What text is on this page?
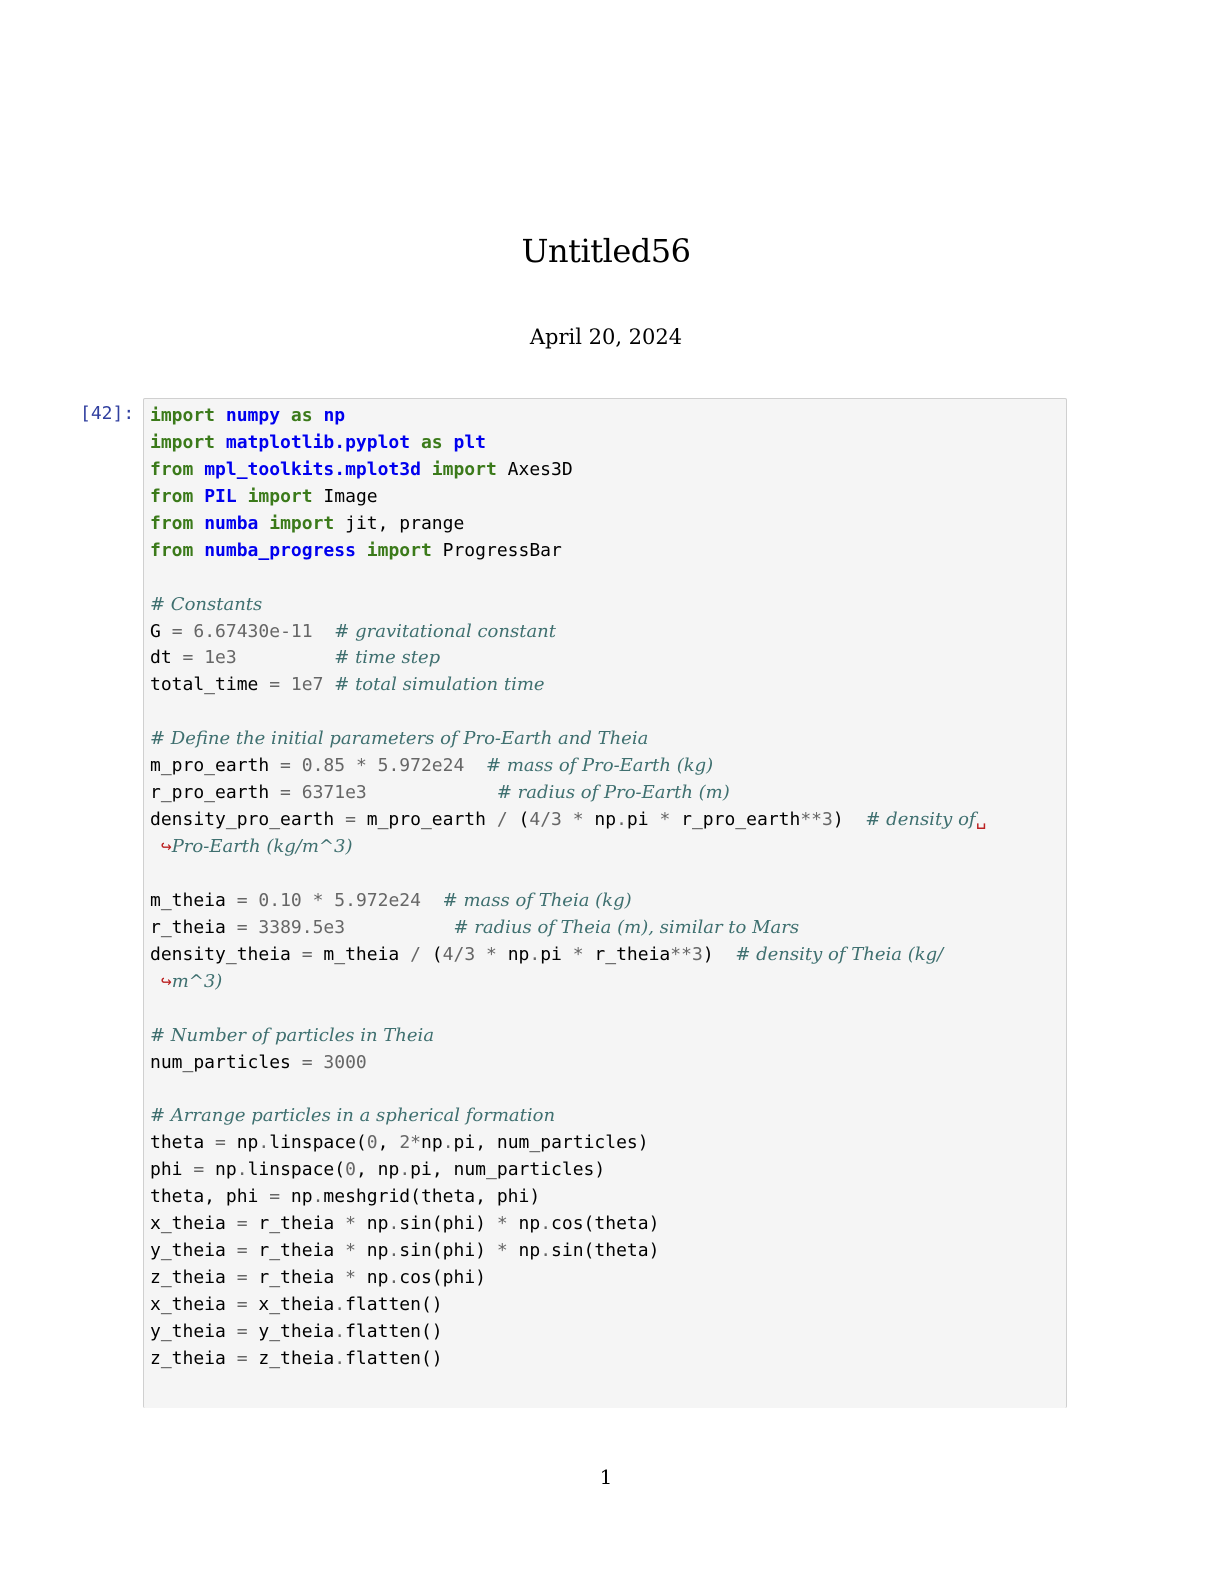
Untitled56
April 20, 2024
[42]: import numpy as np
import matplotlib.pyplot as plt
from mpl_toolkits.mplot3d import Axes3D
from PIL import Image
from numba import jit, prange
from numba_progress import ProgressBar

# Constants
G = 6.67430e-11 # gravitational constant
dt = 1e3	# time step
total_time = 1e7 # total simulation time

# Define the initial parameters of Pro-Earth and Theia
m_pro_earth = 0.85 * 5.972e24 # mass of Pro-Earth (kg)
r_pro_earth = 6371e3	# radius of Pro-Earth (m)
density_pro_earth = m_pro_earth / (4/3 * np.pi * r_pro_earth**3)  # density of␣
↪Pro-Earth (kg/m^3)

m_theia = 0.10 * 5.972e24 # mass of Theia (kg)
r_theia = 3389.5e3	# radius of Theia (m), similar to Mars
density_theia = m_theia / (4/3 * np.pi * r_theia**3)  # density of Theia (kg/
↪m^3)

# Number of particles in Theia
num_particles = 3000

# Arrange particles in a spherical formation
theta = np.linspace(0, 2*np.pi, num_particles)
phi = np.linspace(0, np.pi, num_particles)
theta, phi = np.meshgrid(theta, phi)
x_theia = r_theia * np.sin(phi) * np.cos(theta)
y_theia = r_theia * np.sin(phi) * np.sin(theta)
z_theia = r_theia * np.cos(phi)
x_theia = x_theia.flatten()
y_theia = y_theia.flatten()
z_theia = z_theia.flatten()
1
